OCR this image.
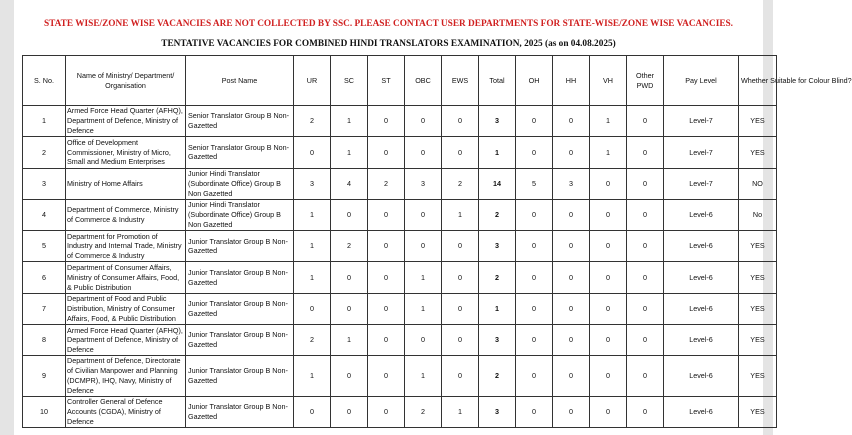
STATE WISE/ZONE WISE VACANCIES ARE NOT COLLECTED BY SSC. PLEASE CONTACT USER DEPARTMENTS FOR STATE-WISE/ZONE WISE VACANCIES.
TENTATIVE VACANCIES FOR COMBINED HINDI TRANSLATORS EXAMINATION, 2025 (as on 04.08.2025)
S. No.	Name of Ministry/ Department/ Organisation	Post Name	UR	SC	ST	OBC	EWS	Total	OH	HH	VH	Other PWD	Pay Level	Whether Suitable for Colour Blind?
1	Armed Force Head Quarter (AFHQ), Department of Defence, Ministry of Defence	Senior Translator Group B Non-Gazetted	2	1	0	0	0	3	0	0	1	0	Level-7	YES
2	Office of Development Commissioner, Ministry of Micro, Small and Medium Enterprises	Senior Translator Group B Non-Gazetted	0	1	0	0	0	1	0	0	1	0	Level-7	YES
3	Ministry of Home Affairs	Junior Hindi Translator (Subordinate Office) Group B Non Gazetted	3	4	2	3	2	14	5	3	0	0	Level-7	NO
4	Department of Commerce, Ministry of Commerce & Industry	Junior Hindi Translator (Subordinate Office) Group B Non Gazetted	1	0	0	0	1	2	0	0	0	0	Level-6	No
5	Department for Promotion of Industry and Internal Trade, Ministry of Commerce & Industry	Junior Translator Group B Non-Gazetted	1	2	0	0	0	3	0	0	0	0	Level-6	YES
6	Department of Consumer Affairs, Ministry of Consumer Affairs, Food, & Public Distribution	Junior Translator Group B Non-Gazetted	1	0	0	1	0	2	0	0	0	0	Level-6	YES
7	Department of Food and Public Distribution, Ministry of Consumer Affairs, Food, & Public Distribution	Junior Translator Group B Non-Gazetted	0	0	0	1	0	1	0	0	0	0	Level-6	YES
8	Armed Force Head Quarter (AFHQ), Department of Defence, Ministry of Defence	Junior Translator Group B Non-Gazetted	2	1	0	0	0	3	0	0	0	0	Level-6	YES
9	Department of Defence, Directorate of Civilian Manpower and Planning (DCMPR), IHQ, Navy, Ministry of Defence	Junior Translator Group B Non-Gazetted	1	0	0	1	0	2	0	0	0	0	Level-6	YES
10	Controller General of Defence Accounts (CGDA), Ministry of Defence	Junior Translator Group B Non-Gazetted	0	0	0	2	1	3	0	0	0	0	Level-6	YES
